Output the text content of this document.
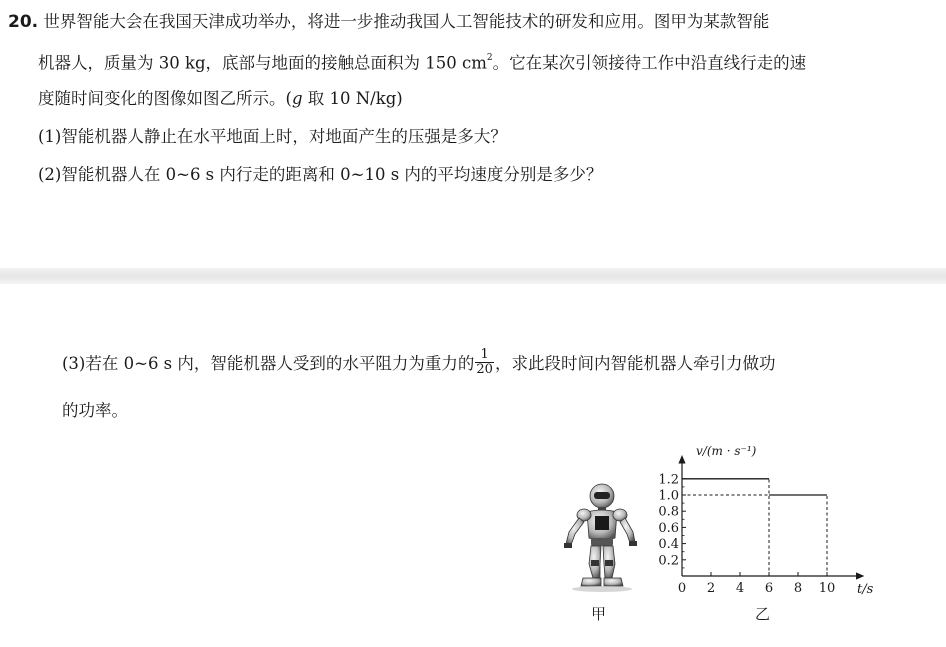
20. 世界智能大会在我国天津成功举办，将进一步推动我国人工智能技术的研发和应用。图甲为某款智能
机器人，质量为 30 kg，底部与地面的接触总面积为 150 $cm^2$。它在某次引领接待工作中沿直线行走的速
度随时间变化的图像如图乙所示。(g 取 10 N/kg)
(1)智能机器人静止在水平地面上时，对地面产生的压强是多大？
(2)智能机器人在 0~6 s 内行走的距离和 0~10 s 内的平均速度分别是多少？
(3)若在 0~6 s 内，智能机器人受到的水平阻力为重力的 $\frac{1}{20}$ ，求此段时间内智能机器人牵引力做功
的功率。
甲
0 2 4 6 8 10
0.2
0.4
0.6
0.8
1.0
1.2
v/(m · s⁻¹)
t/s
乙
